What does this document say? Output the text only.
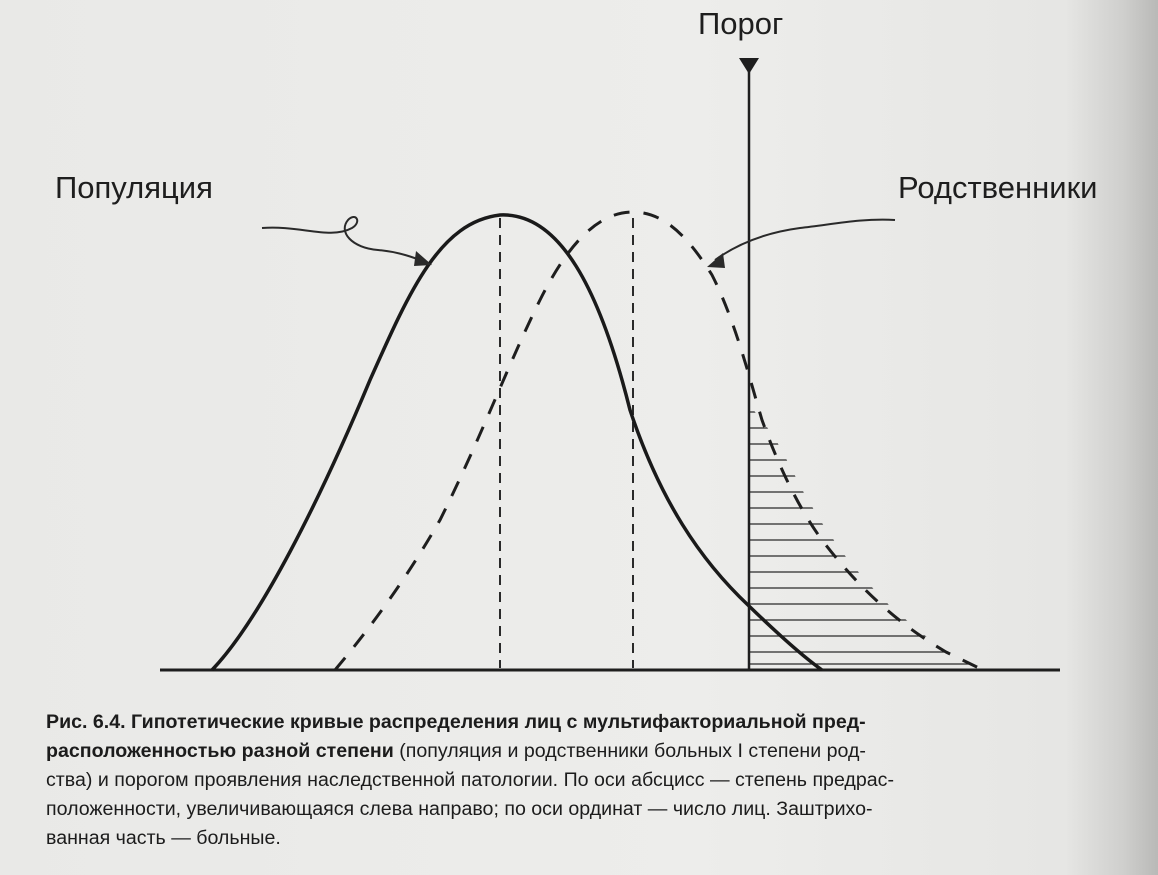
Порог
Популяция	Родственники
Рис. 6.4. Гипотетические кривые распределения лиц с мультифакториальной пред-
расположенностью разной степени (популяция и родственники больных I степени род-
ства) и порогом проявления наследственной патологии. По оси абсцисс — степень предрас-
положенности, увеличивающаяся слева направо; по оси ординат — число лиц. Заштрихо-
ванная часть — больные.
